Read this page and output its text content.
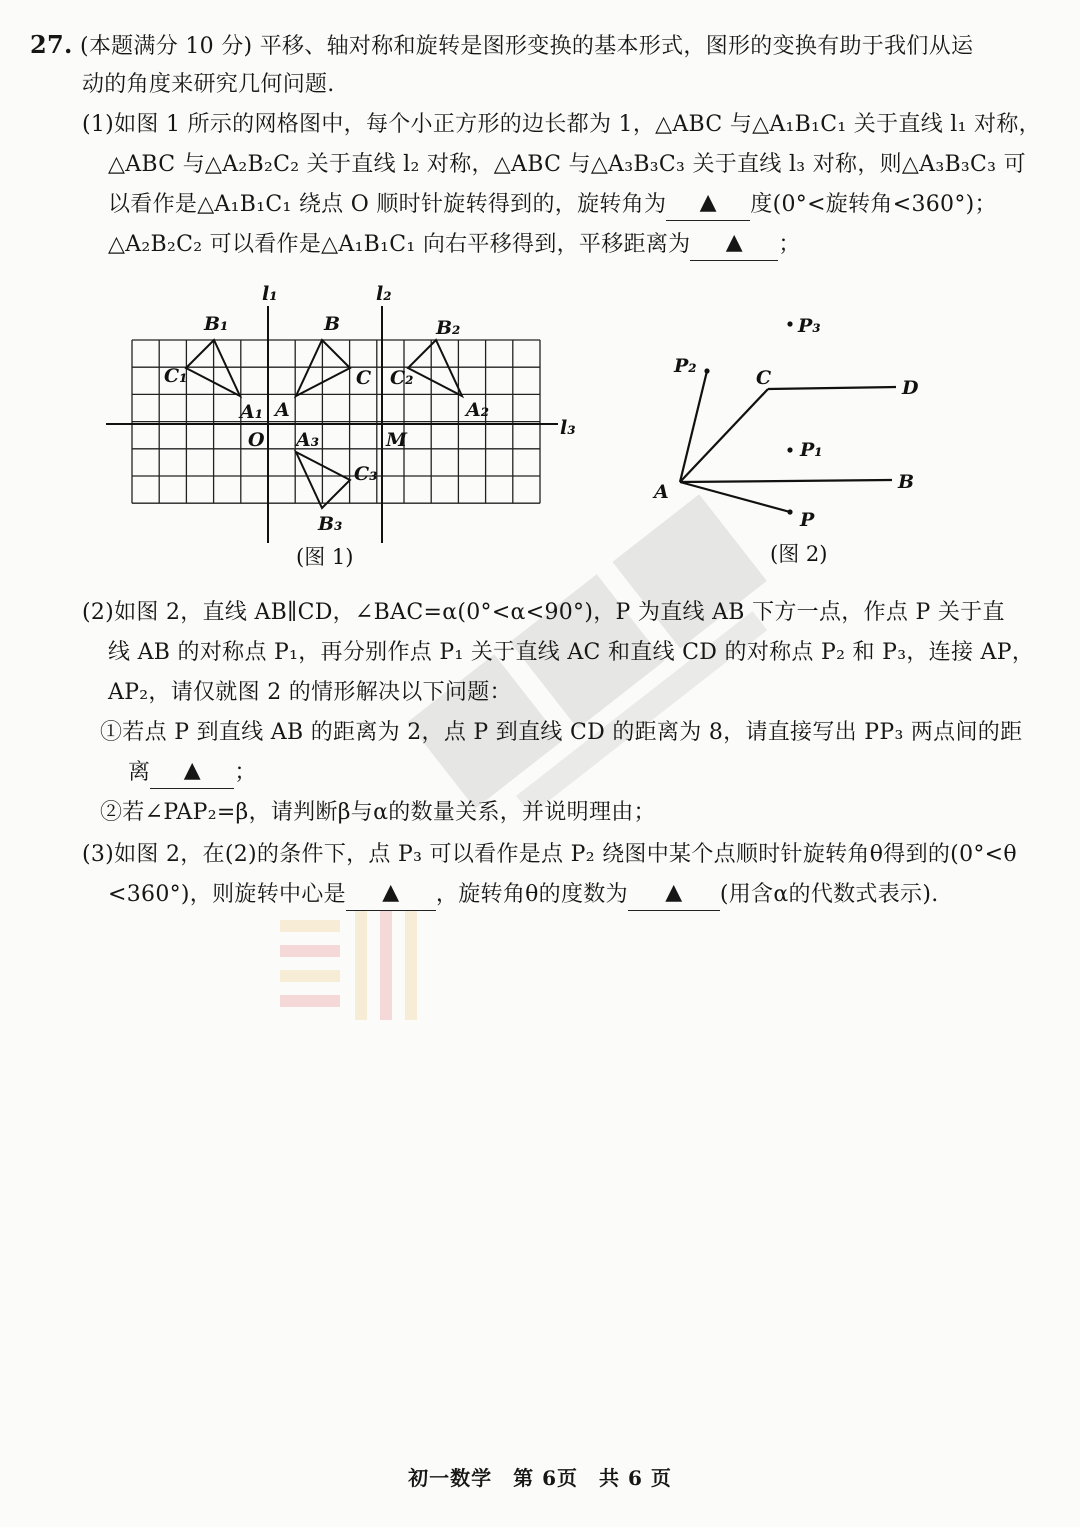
27. (本题满分 10 分) 平移、轴对称和旋转是图形变换的基本形式，图形的变换有助于我们从运
动的角度来研究几何问题.
(1)如图 1 所示的网格图中，每个小正方形的边长都为 1，△ABC 与△A₁B₁C₁ 关于直线 l₁ 对称，
△ABC 与△A₂B₂C₂ 关于直线 l₂ 对称，△ABC 与△A₃B₃C₃ 关于直线 l₃ 对称，则△A₃B₃C₃ 可
以看作是△A₁B₁C₁ 绕点 O 顺时针旋转得到的，旋转角为 ▲ 度(0°<旋转角<360°)；
△A₂B₂C₂ 可以看作是△A₁B₁C₁ 向右平移得到，平移距离为 ▲ ；
l₁	l₂
l₃
B₁
C₁
A₁
B
C
A
B₂
C₂
A₂
O	M
A₃
B₃
C₃
(图 1)
P₃
P₂
C	D
P₁
A	B
P
(图 2)
(2)如图 2，直线 AB∥CD，∠BAC=α(0°<α<90°)，P 为直线 AB 下方一点，作点 P 关于直
线 AB 的对称点 P₁，再分别作点 P₁ 关于直线 AC 和直线 CD 的对称点 P₂ 和 P₃，连接 AP，
AP₂，请仅就图 2 的情形解决以下问题：
①若点 P 到直线 AB 的距离为 2，点 P 到直线 CD 的距离为 8，请直接写出 PP₃ 两点间的距
离 ▲ ；
②若∠PAP₂=β，请判断β与α的数量关系，并说明理由；
(3)如图 2，在(2)的条件下，点 P₃ 可以看作是点 P₂ 绕图中某个点顺时针旋转角θ得到的(0°<θ
<360°)，则旋转中心是 ▲ ，旋转角θ的度数为 ▲ (用含α的代数式表示).
初一数学　第 6页　共 6 页
